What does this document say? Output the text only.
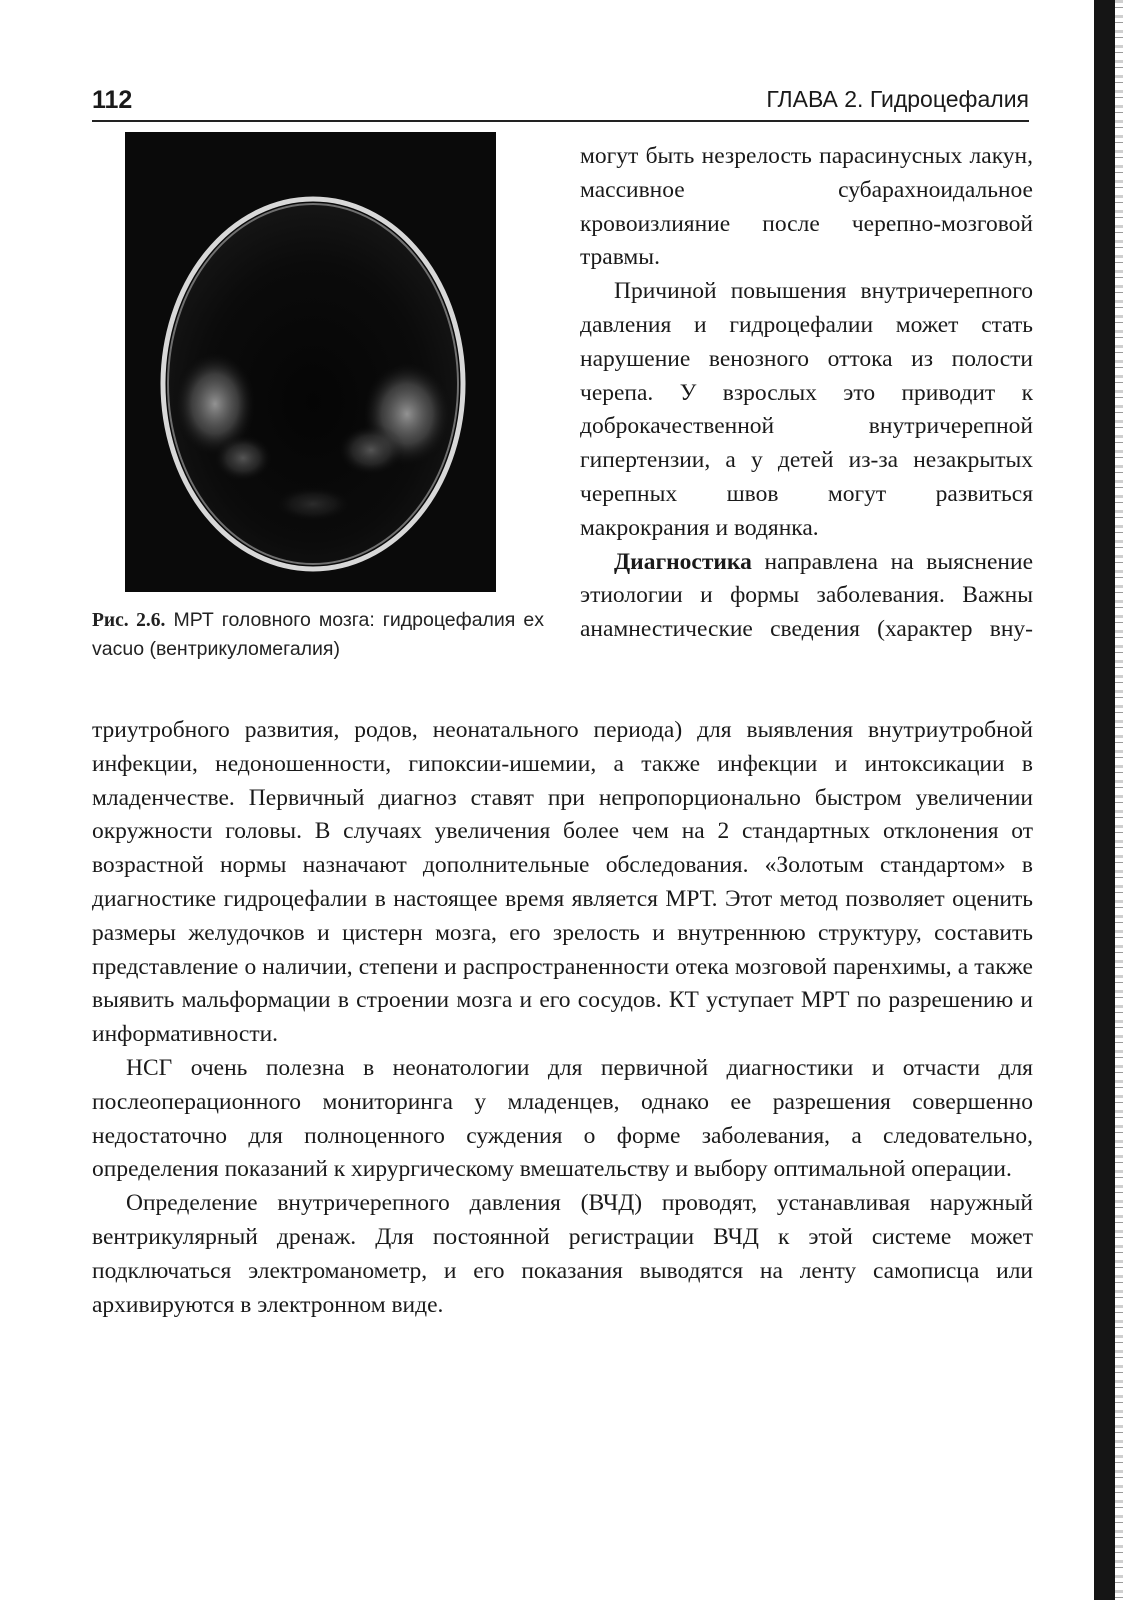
112	ГЛАВА 2. Гидроцефалия
Рис. 2.6. МРТ головного мозга: гидроцефалия ex vacuo (вентрикуломегалия)

могут быть незрелость парасинусных лакун, массивное субарахноидальное кровоизлияние после черепно-мозговой травмы.

Причиной повышения внутричерепного давления и гидроцефалии может стать нарушение венозного оттока из полости черепа. У взрослых это приводит к доброкачественной внутричерепной гипертензии, а у детей из-за незакрытых черепных швов могут развиться макрокрания и водянка.

Диагностика направлена на выяснение этиологии и формы заболевания. Важны анамнестические сведения (характер вну-

триутробного развития, родов, неонатального периода) для выявления внутриутробной инфекции, недоношенности, гипоксии-ишемии, а также инфекции и интоксикации в младенчестве. Первичный диагноз ставят при непропорционально быстром увеличении окружности головы. В случаях увеличения более чем на 2 стандартных отклонения от возрастной нормы назначают дополнительные обследования. «Золотым стандартом» в диагностике гидроцефалии в настоящее время является МРТ. Этот метод позволяет оценить размеры желудочков и цистерн мозга, его зрелость и внутреннюю структуру, составить представление о наличии, степени и распространенности отека мозговой паренхимы, а также выявить мальформации в строении мозга и его сосудов. КТ уступает МРТ по разрешению и информативности.

НСГ очень полезна в неонатологии для первичной диагностики и отчасти для послеоперационного мониторинга у младенцев, однако ее разрешения совершенно недостаточно для полноценного суждения о форме заболевания, а следовательно, определения показаний к хирургическому вмешательству и выбору оптимальной операции.

Определение внутричерепного давления (ВЧД) проводят, устанавливая наружный вентрикулярный дренаж. Для постоянной регистрации ВЧД к этой системе может подключаться электроманометр, и его показания выводятся на ленту самописца или архивируются в электронном виде.
